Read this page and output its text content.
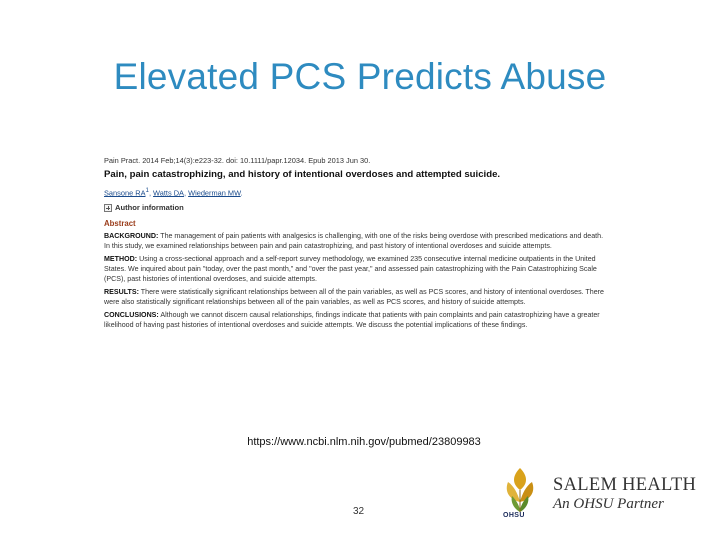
Elevated PCS Predicts Abuse
Pain Pract. 2014 Feb;14(3):e223-32. doi: 10.1111/papr.12034. Epub 2013 Jun 30.
Pain, pain catastrophizing, and history of intentional overdoses and attempted suicide.
Sansone $RA^1$, Watts DA, Wiederman MW.
Author information
Abstract
BACKGROUND: The management of pain patients with analgesics is challenging, with one of the risks being overdose with prescribed medications and death. In this study, we examined relationships between pain and pain catastrophizing, and past history of intentional overdoses and suicide attempts.
METHOD: Using a cross-sectional approach and a self-report survey methodology, we examined 235 consecutive internal medicine outpatients in the United States. We inquired about pain "today, over the past month," and "over the past year," and assessed pain catastrophizing with the Pain Catastrophizing Scale (PCS), past histories of intentional overdoses, and suicide attempts.
RESULTS: There were statistically significant relationships between all of the pain variables, as well as PCS scores, and history of intentional overdoses. There were also statistically significant relationships between all of the pain variables, as well as PCS scores, and history of suicide attempts.
CONCLUSIONS: Although we cannot discern causal relationships, findings indicate that patients with pain complaints and pain catastrophizing have a greater likelihood of having past histories of intentional overdoses and suicide attempts. We discuss the potential implications of these findings.
https://www.ncbi.nlm.nih.gov/pubmed/23809983
32	OHSU
SALEM HEALTH
An OHSU Partner
